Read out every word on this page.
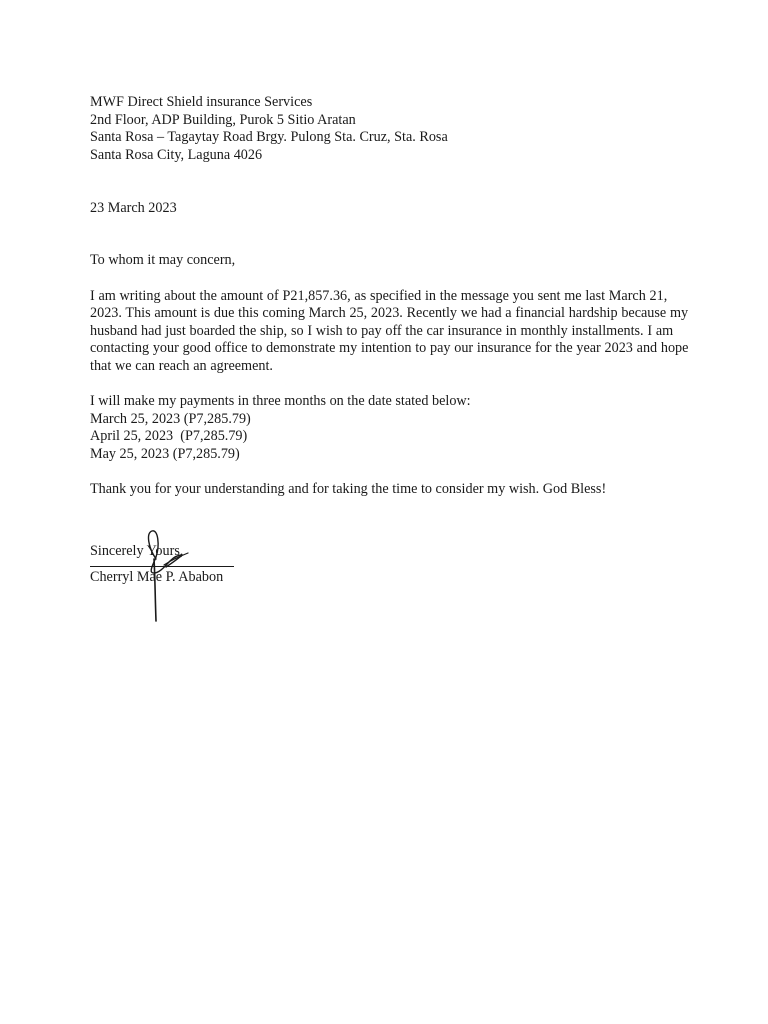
MWF Direct Shield insurance Services
2nd Floor, ADP Building, Purok 5 Sitio Aratan
Santa Rosa – Tagaytay Road Brgy. Pulong Sta. Cruz, Sta. Rosa
Santa Rosa City, Laguna 4026
23 March 2023
To whom it may concern,
I am writing about the amount of P21,857.36, as specified in the message you sent me last March 21, 2023. This amount is due this coming March 25, 2023. Recently we had a financial hardship because my husband had just boarded the ship, so I wish to pay off the car insurance in monthly installments. I am contacting your good office to demonstrate my intention to pay our insurance for the year 2023 and hope that we can reach an agreement.
I will make my payments in three months on the date stated below:
March 25, 2023 (P7,285.79)
April 25, 2023  (P7,285.79)
May 25, 2023 (P7,285.79)
Thank you for your understanding and for taking the time to consider my wish. God Bless!
Sincerely Yours,
Cherryl Mae P. Ababon
